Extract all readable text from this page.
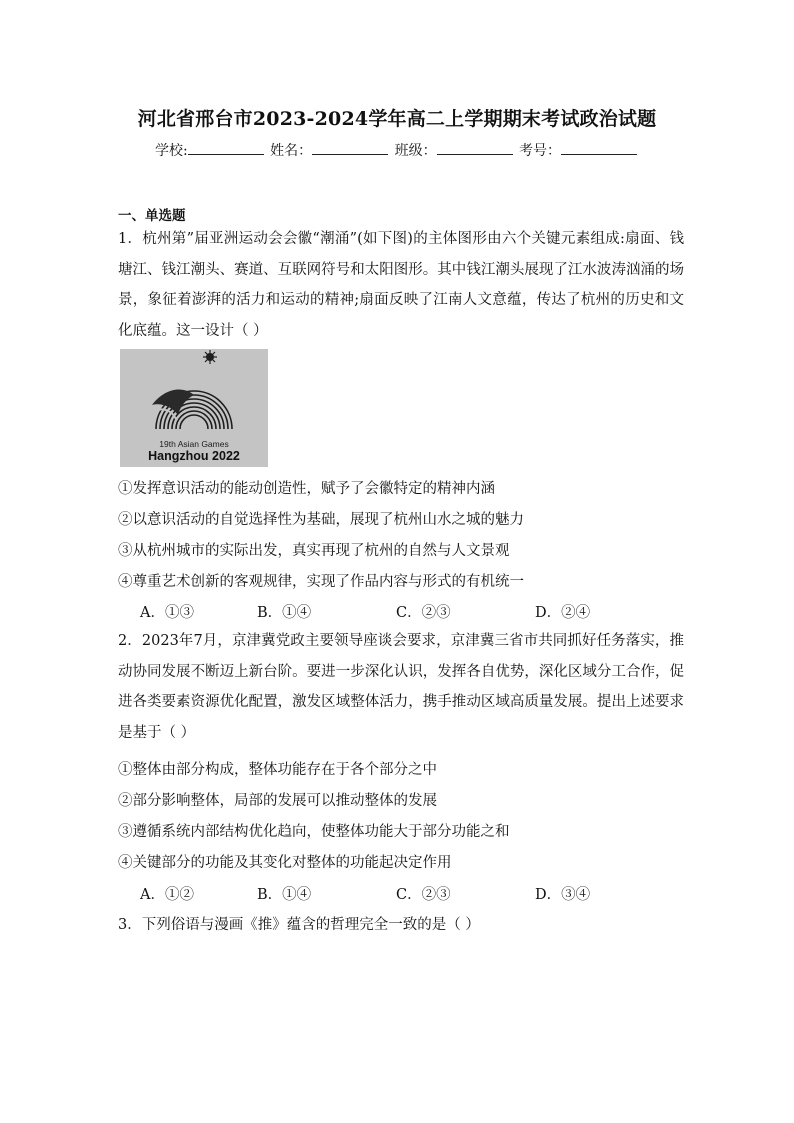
河北省邢台市2023-2024学年高二上学期期末考试政治试题
学校:	姓名：	班级：	考号：
一、单选题
1．杭州第”届亚洲运动会会徽“潮涌”(如下图)的主体图形由六个关键元素组成:扇面、钱塘江、钱江潮头、赛道、互联网符号和太阳图形。其中钱江潮头展现了江水波涛汹涌的场景，象征着澎湃的活力和运动的精神;扇面反映了江南人文意蕴，传达了杭州的历史和文化底蕴。这一设计（ ）
19th Asian Games
Hangzhou 2022
①发挥意识活动的能动创造性，赋予了会徽特定的精神内涵
②以意识活动的自觉选择性为基础，展现了杭州山水之城的魅力
③从杭州城市的实际出发，真实再现了杭州的自然与人文景观
④尊重艺术创新的客观规律，实现了作品内容与形式的有机统一
A．①③	B．①④	C．②③	D．②④
2．2023年7月，京津冀党政主要领导座谈会要求，京津冀三省市共同抓好任务落实，推动协同发展不断迈上新台阶。要进一步深化认识，发挥各自优势，深化区域分工合作，促进各类要素资源优化配置，激发区域整体活力，携手推动区域高质量发展。提出上述要求是基于（ ）
①整体由部分构成，整体功能存在于各个部分之中
②部分影响整体，局部的发展可以推动整体的发展
③遵循系统内部结构优化趋向，使整体功能大于部分功能之和
④关键部分的功能及其变化对整体的功能起决定作用
A．①②	B．①④	C．②③	D．③④
3．下列俗语与漫画《推》蕴含的哲理完全一致的是（ ）
